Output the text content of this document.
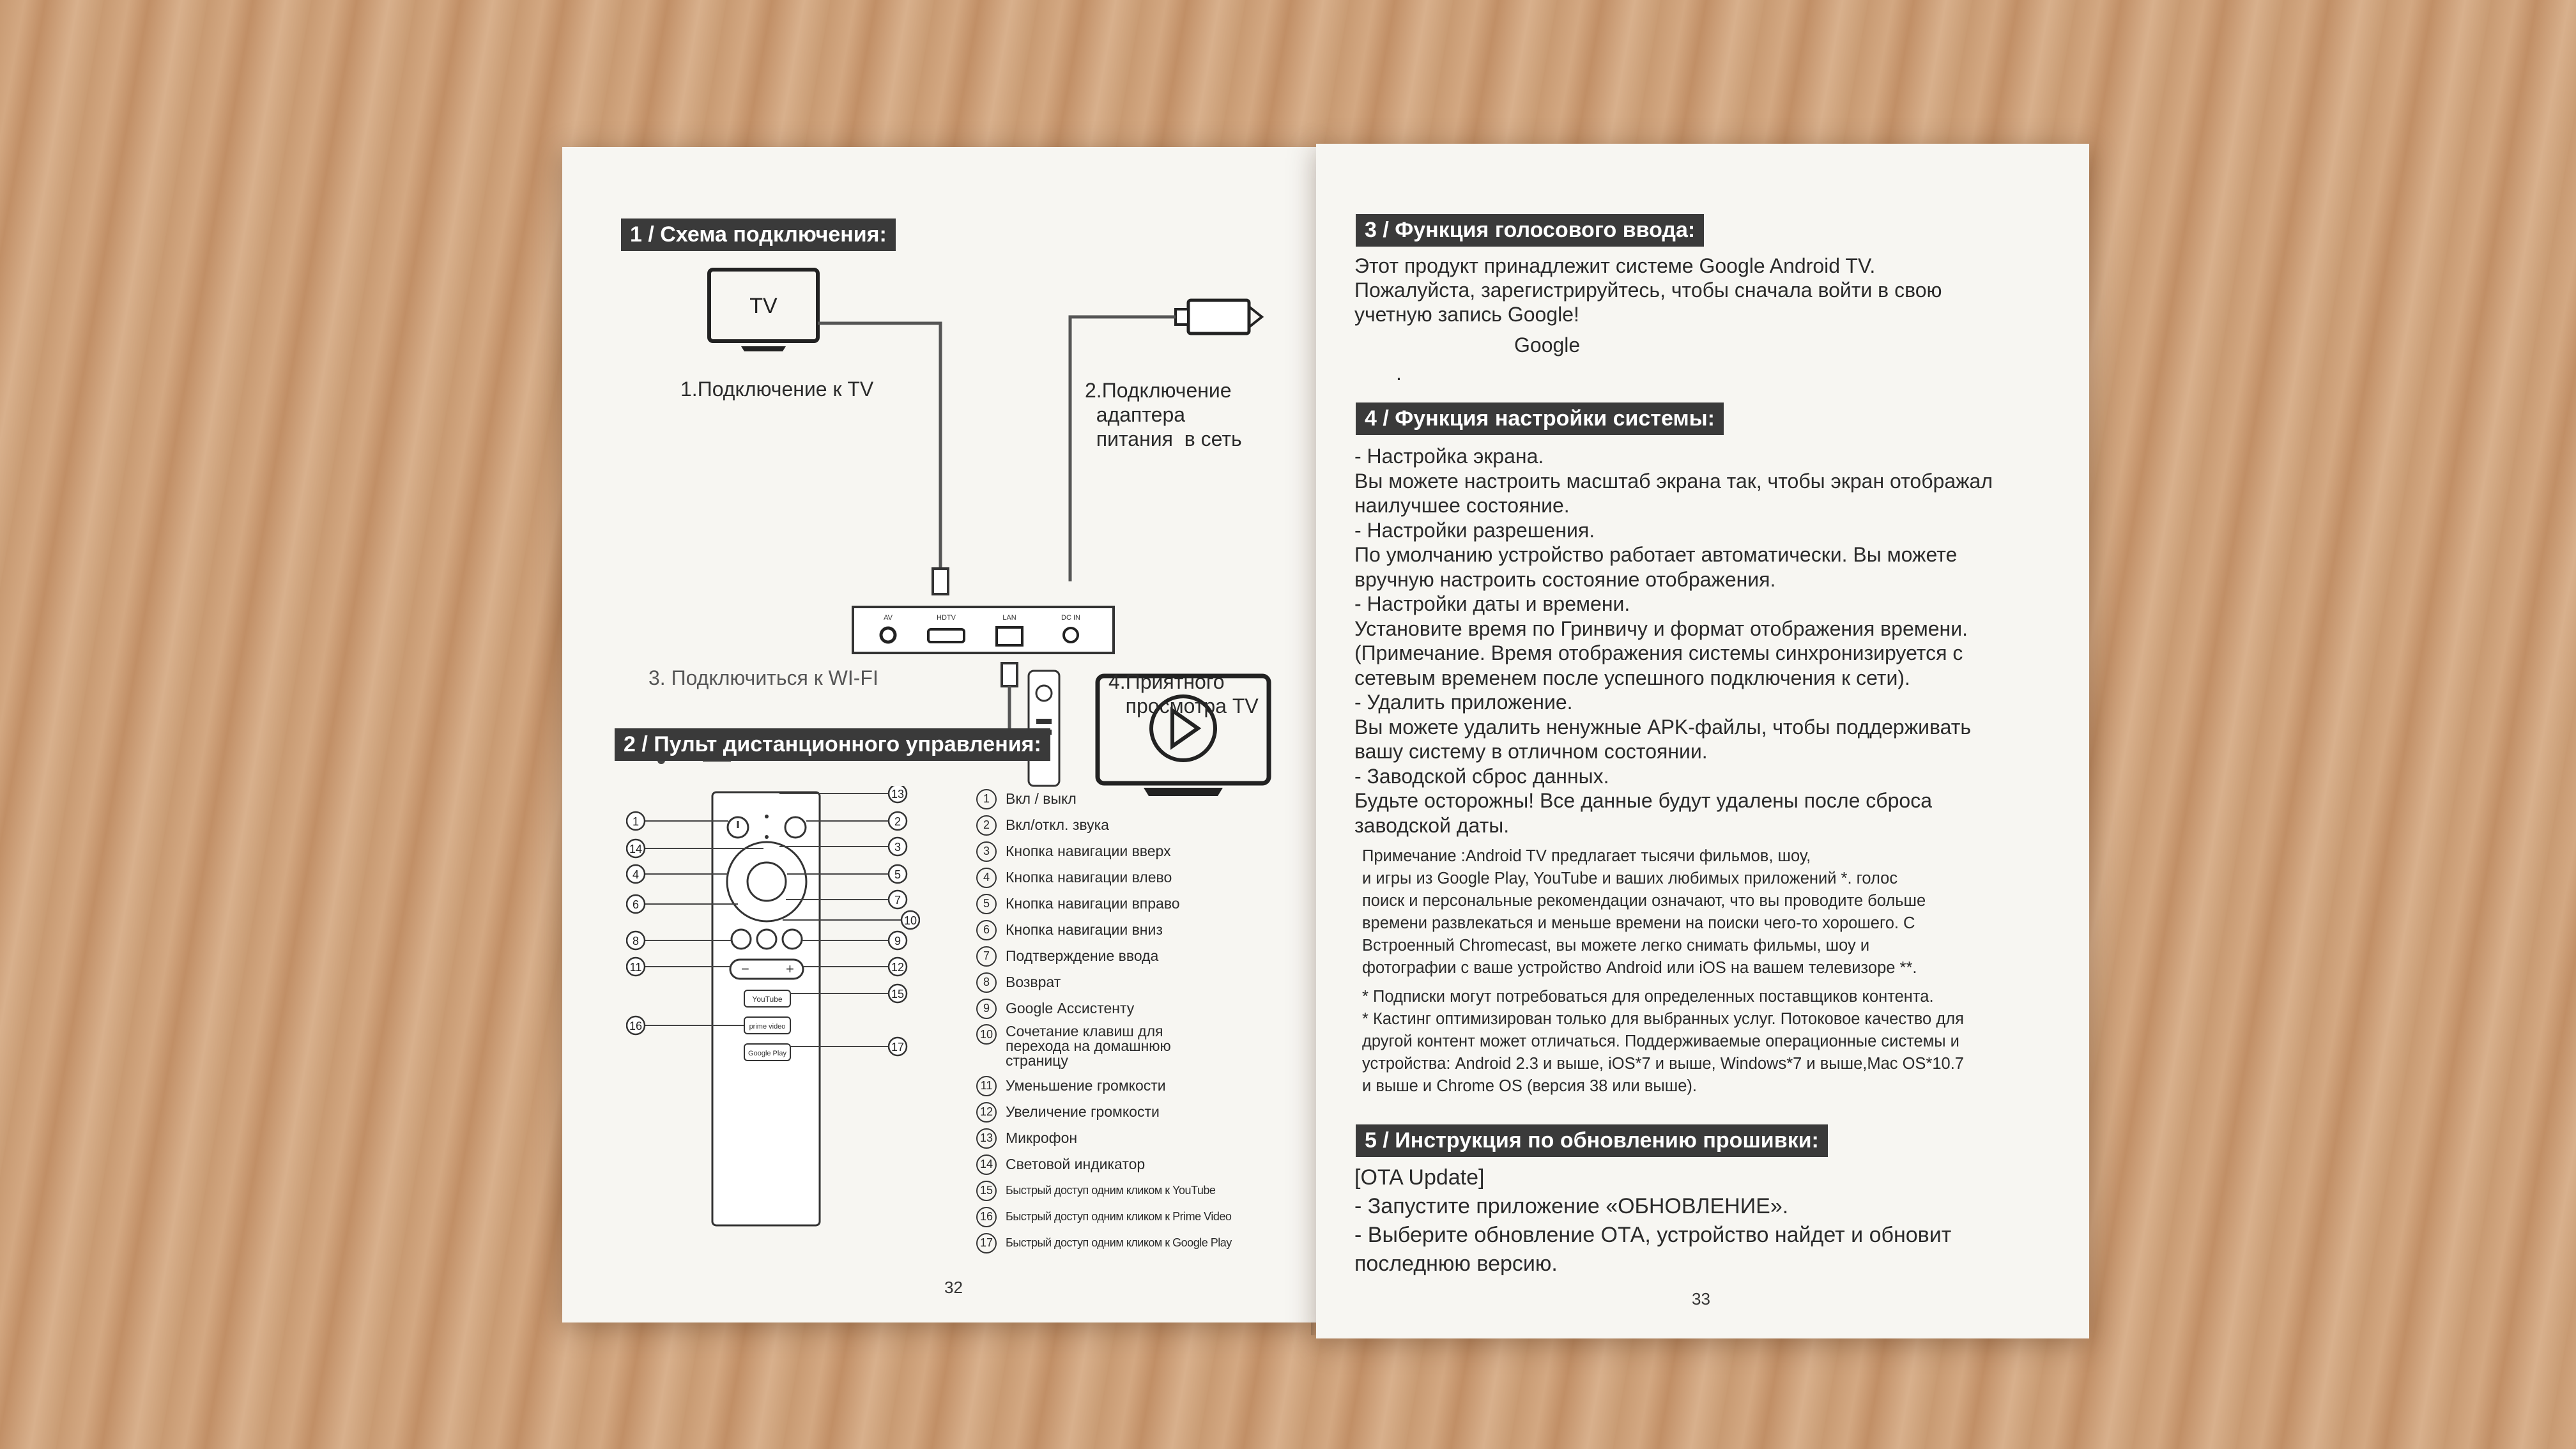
1 / Схема подключения:
TV
AV	HDTV	LAN	DC IN
1.Подключение к TV	2.Подключение
адаптера
питания  в сеть
3. Подключиться к WI-FI	4.Приятного
просмотра TV
2 / Пульт дистанционного управления:
−	+
YouTube
prime video
Google Play
1
14
4
6
8
11
16
13
2
3
5
7
10
9
12
15
17
1	Вкл / выкл
2	Вкл/откл. звука
3	Кнопка навигации вверх
4	Кнопка навигации влево
5	Кнопка навигации вправо
6	Кнопка навигации вниз
7	Подтверждение ввода
8	Возврат
9	Google Ассистенту
10 Сочетание клавиш для
перехода на домашнюю
страницу
11 Уменьшение громкости
12 Увеличение громкости
13 Микрофон
14 Световой индикатор
15	Быстрый доступ одним кликом к YouTube
16	Быстрый доступ одним кликом к Prime Video
17	Быстрый доступ одним кликом к Google Play
32
3 / Функция голосового ввода:
Этот продукт принадлежит системе Google Android TV.
Пожалуйста, зарегистрируйтесь, чтобы сначала войти в свою
учетную запись Google!
Google
.
4 / Функция настройки системы:

- Настройка экрана.

Вы можете настроить масштаб экрана так, чтобы экран отображал
наилучшее состояние.

- Настройки разрешения.

По умолчанию устройство работает автоматически. Вы можете
вручную настроить состояние отображения.

- Настройки даты и времени.

Установите время по Гринвичу и формат отображения времени.
(Примечание. Время отображения системы синхронизируется с
сетевым временем после успешного подключения к сети).

- Удалить приложение.

Вы можете удалить ненужные APK-файлы, чтобы поддерживать
вашу систему в отличном состоянии.

- Заводской сброс данных.

Будьте осторожны! Все данные будут удалены после сброса
заводской даты.

Примечание :Android TV предлагает тысячи фильмов, шоу,
и игры из Google Play, YouTube и ваших любимых приложений *. голос
поиск и персональные рекомендации означают, что вы проводите больше
времени развлекаться и меньше времени на поиски чего-то хорошего. С
Встроенный Chromecast, вы можете легко снимать фильмы, шоу и
фотографии с ваше устройство Android или iOS на вашем телевизоре **.

* Подписки могут потребоваться для определенных поставщиков контента.
* Кастинг оптимизирован только для выбранных услуг. Потоковое качество для
другой контент может отличаться. Поддерживаемые операционные системы и
устройства: Android 2.3 и выше, iOS*7 и выше, Windows*7 и выше,Mac OS*10.7
и выше и Chrome OS (версия 38 или выше).

5 / Инструкция по обновлению прошивки:

[OTA Update]

- Запустите приложение «ОБНОВЛЕНИЕ».

- Выберите обновление ОТА, устройство найдет и обновит
последнюю версию.

33
